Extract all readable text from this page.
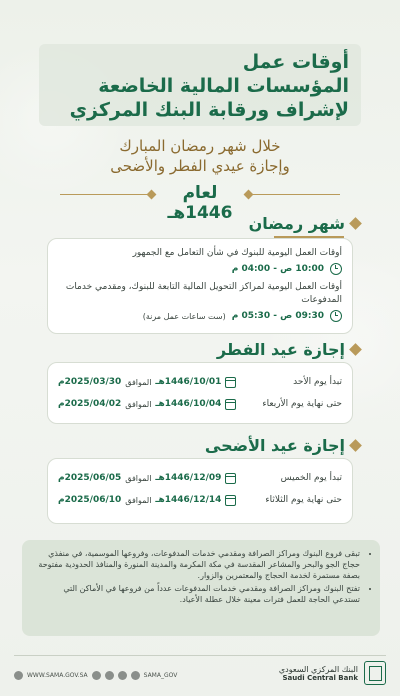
أوقات عمل
المؤسسات المالية الخاضعة
لإشراف ورقابة البنك المركزي
خلال شهر رمضان المبارك
وإجازة عيدي الفطر والأضحى
لعام 1446هـ
شهر رمضان
أوقات العمل اليومية للبنوك في شأن التعامل مع الجمهور
10:00 ص - 04:00 م
أوقات العمل اليومية لمراكز التحويل المالية التابعة للبنوك، ومقدمي خدمات المدفوعات
09:30 ص - 05:30 م
(ست ساعات عمل مرنة)
إجازة عيد الفطر
تبدأ يوم الأحد
1446/10/01هـ
الموافق
2025/03/30م
حتى نهاية يوم الأربعاء
1446/10/04هـ
الموافق
2025/04/02م
إجازة عيد الأضحى
تبدأ يوم الخميس
1446/12/09هـ
الموافق
2025/06/05م
حتى نهاية يوم الثلاثاء
1446/12/14هـ
الموافق
2025/06/10م
• تبقى فروع البنوك ومراكز الصرافة ومقدمي خدمات المدفوعات، وفروعها الموسمية، في منفذي حجاج الجو والبحر والمشاعر المقدسة في مكة المكرمة والمدينة المنورة والمنافذ الحدودية مفتوحة بصفة مستمرة لخدمة الحجاج والمعتمرين والزوار.
• تفتح البنوك ومراكز الصرافة ومقدمي خدمات المدفوعات عدداً من فروعها في الأماكن التي تستدعي الحاجة للعمل فترات معينة خلال عطلة الأعياد.
WWW.SAMA.GOV.SA	SAMA_GOV
البنك المركزي السعودي
Saudi Central Bank
